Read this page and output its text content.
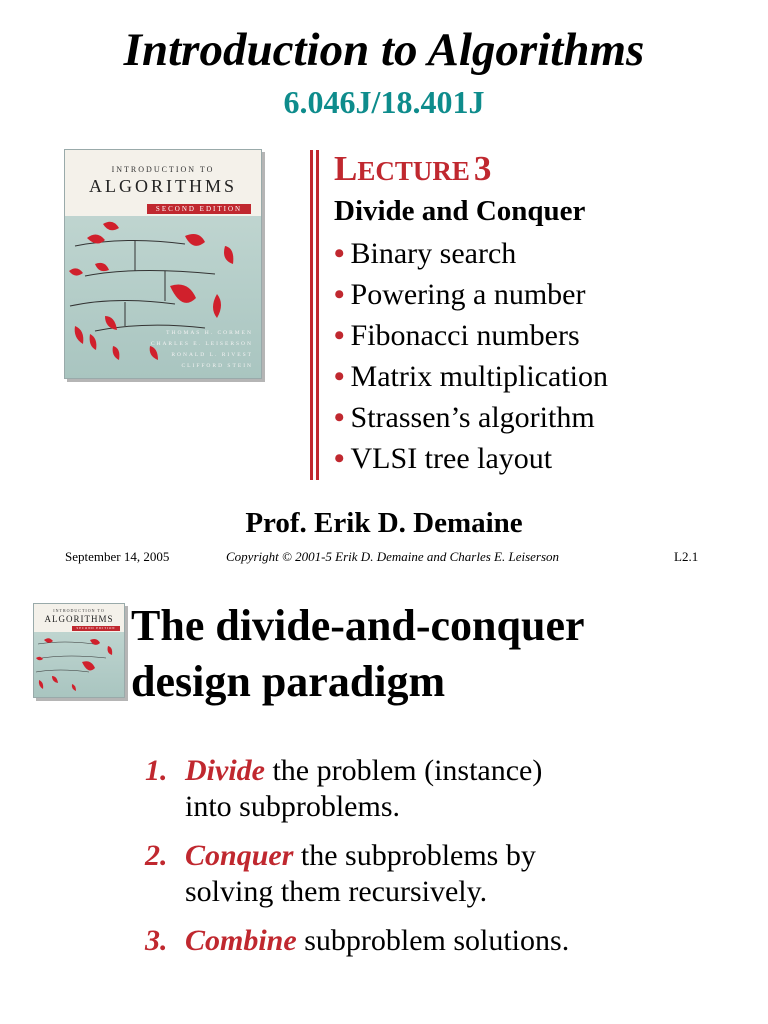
Introduction to Algorithms
6.046J/18.401J
INTRODUCTION TO
ALGORITHMS
SECOND EDITION
THOMAS H. CORMEN
CHARLES E. LEISERSON
RONALD L. RIVEST
CLIFFORD STEIN
LECTURE 3
Divide and Conquer
• Binary search
• Powering a number
• Fibonacci numbers
• Matrix multiplication
• Strassen’s algorithm
• VLSI tree layout
Prof. Erik D. Demaine
September 14, 2005	Copyright © 2001-5 Erik D. Demaine and Charles E. Leiserson	L2.1
INTRODUCTION TO
ALGORITHMS
SECOND EDITION The divide-and-conquer
design paradigm
1. Divide the problem (instance)
into subproblems.
2. Conquer the subproblems by
solving them recursively.
3. Combine subproblem solutions.
